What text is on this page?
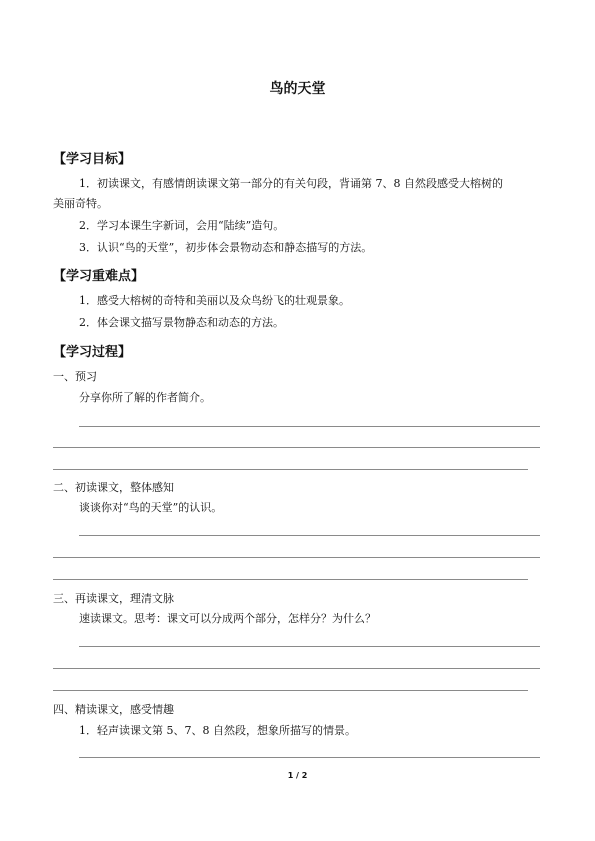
鸟的天堂
【学习目标】
1．初读课文，有感情朗读课文第一部分的有关句段，背诵第 7、8 自然段感受大榕树的
美丽奇特。
2．学习本课生字新词，会用“陆续”造句。
3．认识“鸟的天堂”，初步体会景物动态和静态描写的方法。
【学习重难点】
1．感受大榕树的奇特和美丽以及众鸟纷飞的壮观景象。
2．体会课文描写景物静态和动态的方法。
【学习过程】
一、预习
分享你所了解的作者简介。
二、初读课文，整体感知
谈谈你对“鸟的天堂”的认识。
三、再读课文，理清文脉
速读课文。思考：课文可以分成两个部分，怎样分？为什么？
四、精读课文，感受情趣
1．轻声读课文第 5、7、8 自然段，想象所描写的情景。
1 / 2
